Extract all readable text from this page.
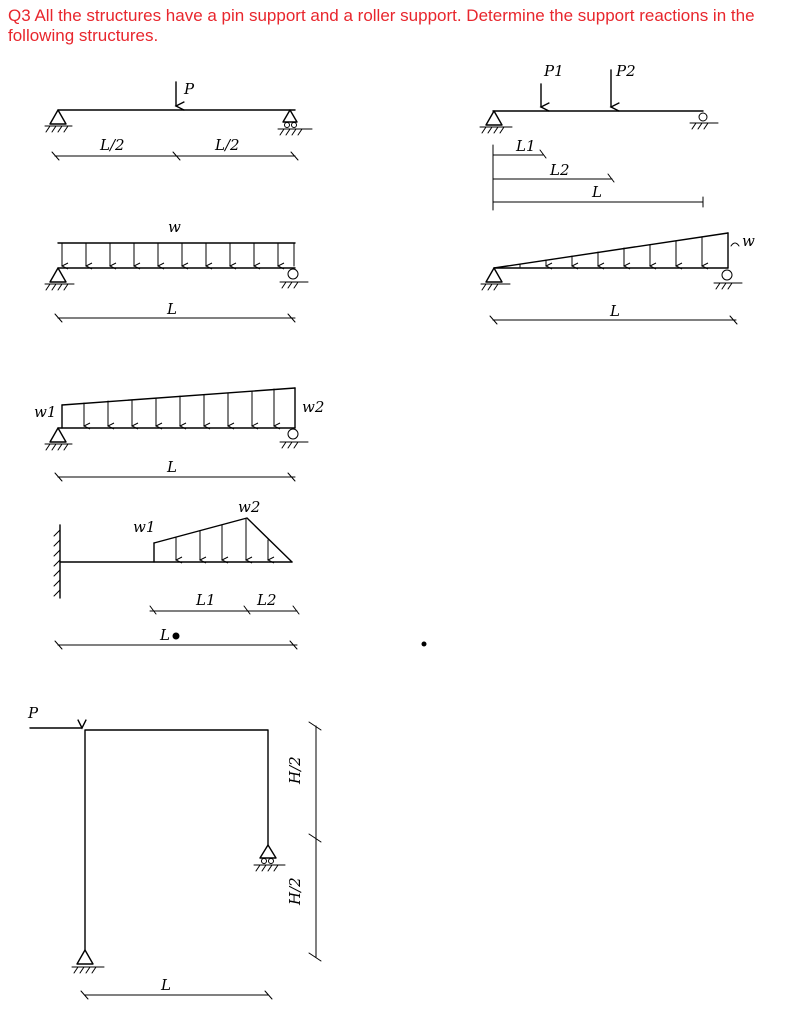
Q3 All the structures have a pin support and a roller support. Determine the support reactions in the following structures.

P
L/2	L/2
P1	P2
L1
L2
L
w
L
w
L
w1	w2
L
w1
w2
L1	L2
L
P
H/2
H/2
L
